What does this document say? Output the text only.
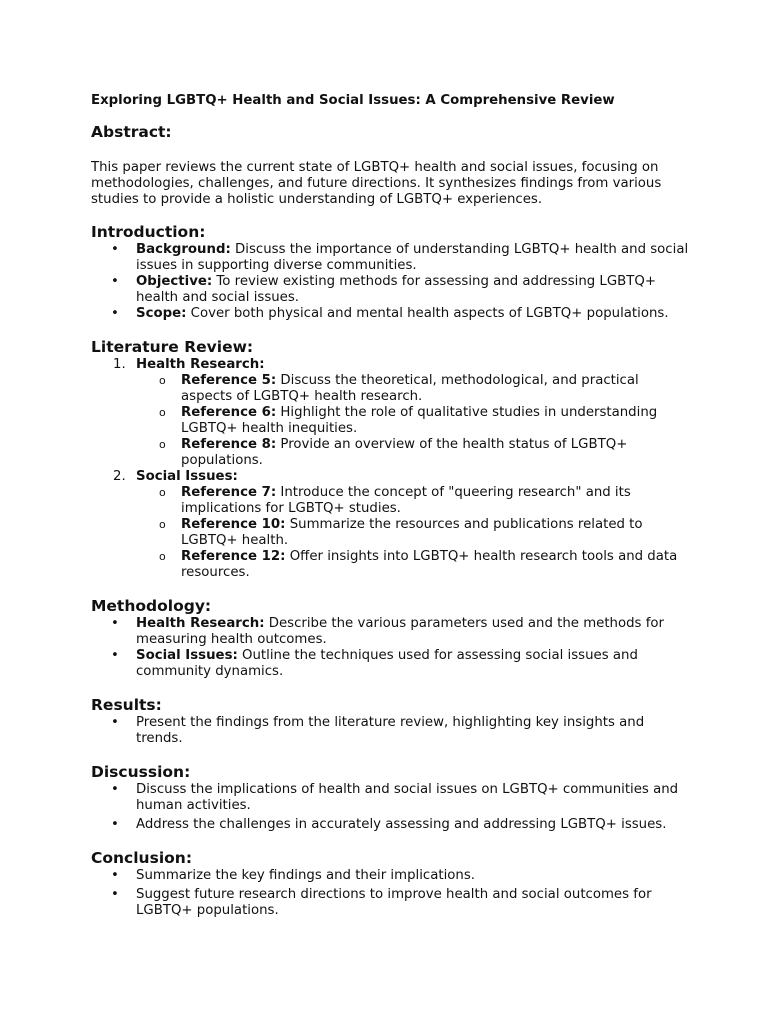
Exploring LGBTQ+ Health and Social Issues: A Comprehensive Review

Abstract:

This paper reviews the current state of LGBTQ+ health and social issues, focusing on methodologies, challenges, and future directions. It synthesizes findings from various studies to provide a holistic understanding of LGBTQ+ experiences.

Introduction:
• Background: Discuss the importance of understanding LGBTQ+ health and social issues in supporting diverse communities.
• Objective: To review existing methods for assessing and addressing LGBTQ+ health and social issues.
• Scope: Cover both physical and mental health aspects of LGBTQ+ populations.
Literature Review:
1. Health Research:
o Reference 5: Discuss the theoretical, methodological, and practical aspects of LGBTQ+ health research.
o Reference 6: Highlight the role of qualitative studies in understanding LGBTQ+ health inequities.
o Reference 8: Provide an overview of the health status of LGBTQ+ populations.
2. Social Issues:
o Reference 7: Introduce the concept of "queering research" and its implications for LGBTQ+ studies.
o Reference 10: Summarize the resources and publications related to LGBTQ+ health.
o Reference 12: Offer insights into LGBTQ+ health research tools and data resources.
Methodology:
• Health Research: Describe the various parameters used and the methods for measuring health outcomes.
• Social Issues: Outline the techniques used for assessing social issues and community dynamics.
Results:
• Present the findings from the literature review, highlighting key insights and trends.
Discussion:
• Discuss the implications of health and social issues on LGBTQ+ communities and human activities.
• Address the challenges in accurately assessing and addressing LGBTQ+ issues.
Conclusion:
• Summarize the key findings and their implications.
• Suggest future research directions to improve health and social outcomes for LGBTQ+ populations.
